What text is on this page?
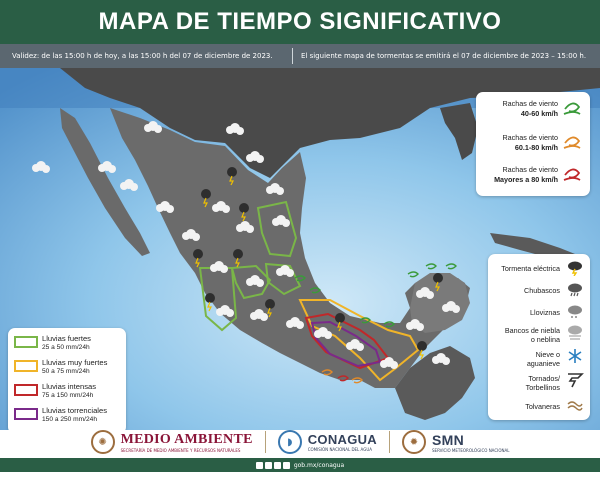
MAPA DE TIEMPO SIGNIFICATIVO
Validez: de las 15:00 h de hoy, a las 15:00 h del 07 de diciembre de 2023.	El siguiente mapa de tormentas se emitirá el 07 de diciembre de 2023 – 15:00 h.
Rachas de viento
40-60 km/h
Rachas de viento
60.1-80 km/h
Rachas de viento
Mayores a 80 km/h
Tormenta eléctrica
Chubascos
Lloviznas
Bancos de niebla
o neblina
Nieve o
aguanieve
Tornados/
Torbellinos
Tolvaneras
Lluvias fuertes
25 a 50 mm/24h
Lluvias muy fuertes
50 a 75 mm/24h
Lluvias intensas
75 a 150 mm/24h
Lluvias torrenciales
150 a 250 mm/24h
✺ MEDIO AMBIENTE
SECRETARÍA DE MEDIO AMBIENTE Y RECURSOS NATURALES
◗	CONAGUA
COMISIÓN NACIONAL DEL AGUA
✹ SMN
SERVICIO METEOROLÓGICO NACIONAL
gob.mx/conagua
